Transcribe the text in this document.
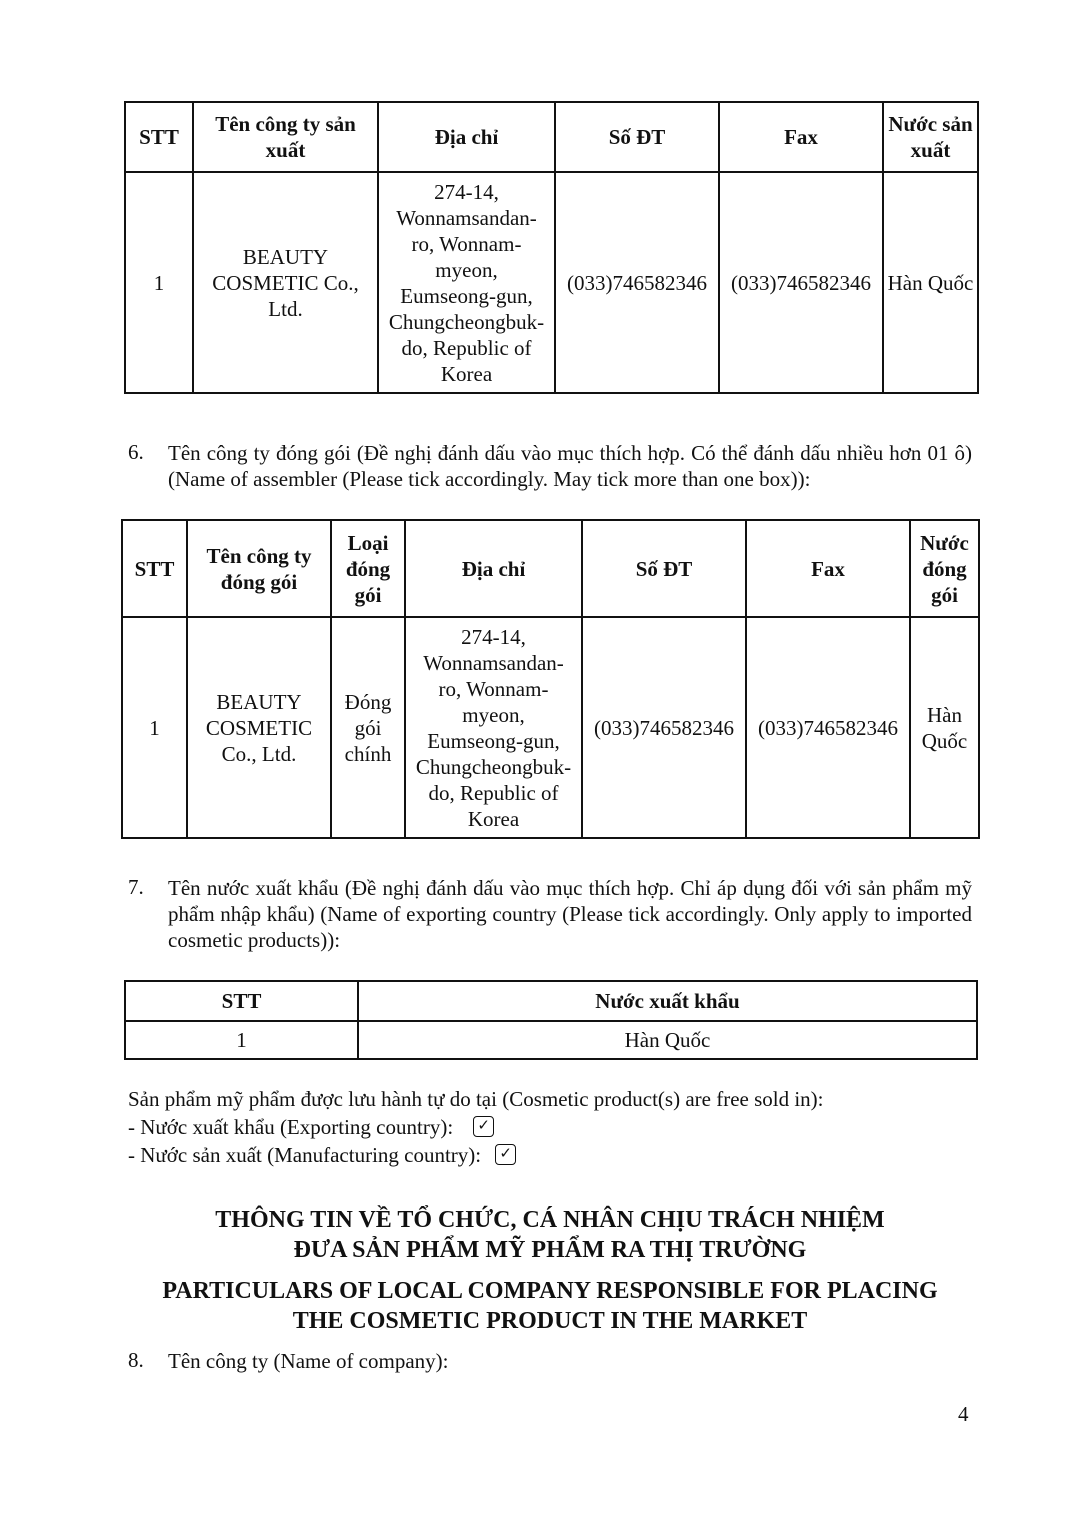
STT	Tên công ty sản xuất	Địa chỉ	Số ĐT	Fax	Nước sản xuất
1	BEAUTY COSMETIC Co., Ltd.	274-14, Wonnamsandan-ro, Wonnam-myeon, Eumseong-gun, Chungcheongbuk-do, Republic of Korea	(033)746582346	(033)746582346	Hàn Quốc
6. Tên công ty đóng gói (Đề nghị đánh dấu vào mục thích hợp. Có thể đánh dấu nhiều hơn 01 ô) (Name of assembler (Please tick accordingly. May tick more than one box)):
STT	Tên công ty đóng gói	Loại đóng gói	Địa chỉ	Số ĐT	Fax	Nước đóng gói
1	BEAUTY COSMETIC Co., Ltd.	Đóng gói chính	274-14, Wonnamsandan-ro, Wonnam-myeon, Eumseong-gun, Chungcheongbuk-do, Republic of Korea	(033)746582346	(033)746582346	Hàn Quốc
7. Tên nước xuất khẩu (Đề nghị đánh dấu vào mục thích hợp. Chỉ áp dụng đối với sản phẩm mỹ phẩm nhập khẩu) (Name of exporting country (Please tick accordingly. Only apply to imported cosmetic products)):
STT	Nước xuất khẩu
1	Hàn Quốc
Sản phẩm mỹ phẩm được lưu hành tự do tại (Cosmetic product(s) are free sold in):
- Nước xuất khẩu (Exporting country): ✓
- Nước sản xuất (Manufacturing country): ✓
THÔNG TIN VỀ TỔ CHỨC, CÁ NHÂN CHỊU TRÁCH NHIỆM
ĐƯA SẢN PHẨM MỸ PHẨM RA THỊ TRƯỜNG
PARTICULARS OF LOCAL COMPANY RESPONSIBLE FOR PLACING
THE COSMETIC PRODUCT IN THE MARKET
8. Tên công ty (Name of company):
4
